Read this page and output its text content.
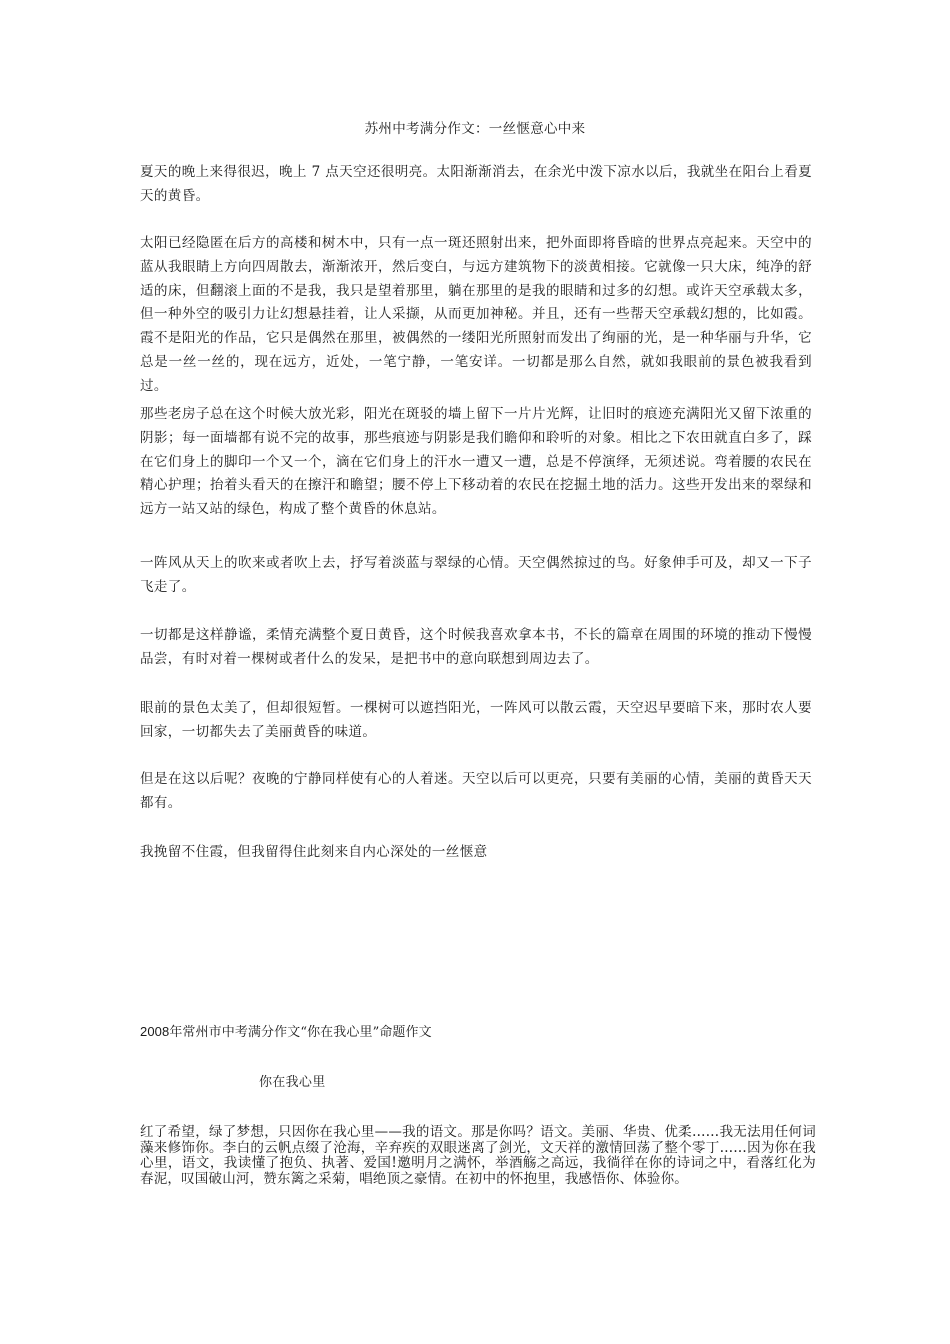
苏州中考满分作文：一丝惬意心中来
夏天的晚上来得很迟，晚上 7 点天空还很明亮。太阳渐渐消去，在余光中泼下凉水以后，我就坐在阳台上看夏天的黄昏。
太阳已经隐匿在后方的高楼和树木中，只有一点一斑还照射出来，把外面即将昏暗的世界点亮起来。天空中的蓝从我眼睛上方向四周散去，渐渐浓开，然后变白，与远方建筑物下的淡黄相接。它就像一只大床，纯净的舒适的床，但翻滚上面的不是我，我只是望着那里，躺在那里的是我的眼睛和过多的幻想。或许天空承载太多，但一种外空的吸引力让幻想悬挂着，让人采撷，从而更加神秘。并且，还有一些帮天空承载幻想的，比如霞。霞不是阳光的作品，它只是偶然在那里，被偶然的一缕阳光所照射而发出了绚丽的光，是一种华丽与升华，它总是一丝一丝的，现在远方，近处，一笔宁静，一笔安详。一切都是那么自然，就如我眼前的景色被我看到过。
那些老房子总在这个时候大放光彩，阳光在斑驳的墙上留下一片片光辉，让旧时的痕迹充满阳光又留下浓重的阴影；每一面墙都有说不完的故事，那些痕迹与阴影是我们瞻仰和聆听的对象。相比之下农田就直白多了，踩在它们身上的脚印一个又一个，滴在它们身上的汗水一遭又一遭，总是不停演绎，无须述说。弯着腰的农民在精心护理；抬着头看天的在擦汗和瞻望；腰不停上下移动着的农民在挖掘土地的活力。这些开发出来的翠绿和远方一站又站的绿色，构成了整个黄昏的休息站。
一阵风从天上的吹来或者吹上去，抒写着淡蓝与翠绿的心情。天空偶然掠过的鸟。好象伸手可及，却又一下子飞走了。
一切都是这样静谧，柔情充满整个夏日黄昏，这个时候我喜欢拿本书，不长的篇章在周围的环境的推动下慢慢品尝，有时对着一棵树或者什么的发呆，是把书中的意向联想到周边去了。
眼前的景色太美了，但却很短暂。一棵树可以遮挡阳光，一阵风可以散云霞，天空迟早要暗下来，那时农人要回家，一切都失去了美丽黄昏的味道。
但是在这以后呢？夜晚的宁静同样使有心的人着迷。天空以后可以更亮，只要有美丽的心情，美丽的黄昏天天都有。
我挽留不住霞，但我留得住此刻来自内心深处的一丝惬意
2008年常州市中考满分作文“你在我心里”命题作文
你在我心里
红了希望，绿了梦想，只因你在我心里——我的语文。那是你吗？语文。美丽、华贵、优柔……我无法用任何词藻来修饰你。李白的云帆点缀了沧海，辛弃疾的双眼迷离了剑光，文天祥的激情回荡了整个零丁……因为你在我心里，语文，我读懂了抱负、执著、爱国!邀明月之满怀，举酒觞之高远，我徜徉在你的诗词之中，看落红化为春泥，叹国破山河，赞东篱之采菊，唱绝顶之豪情。在初中的怀抱里，我感悟你、体验你。
